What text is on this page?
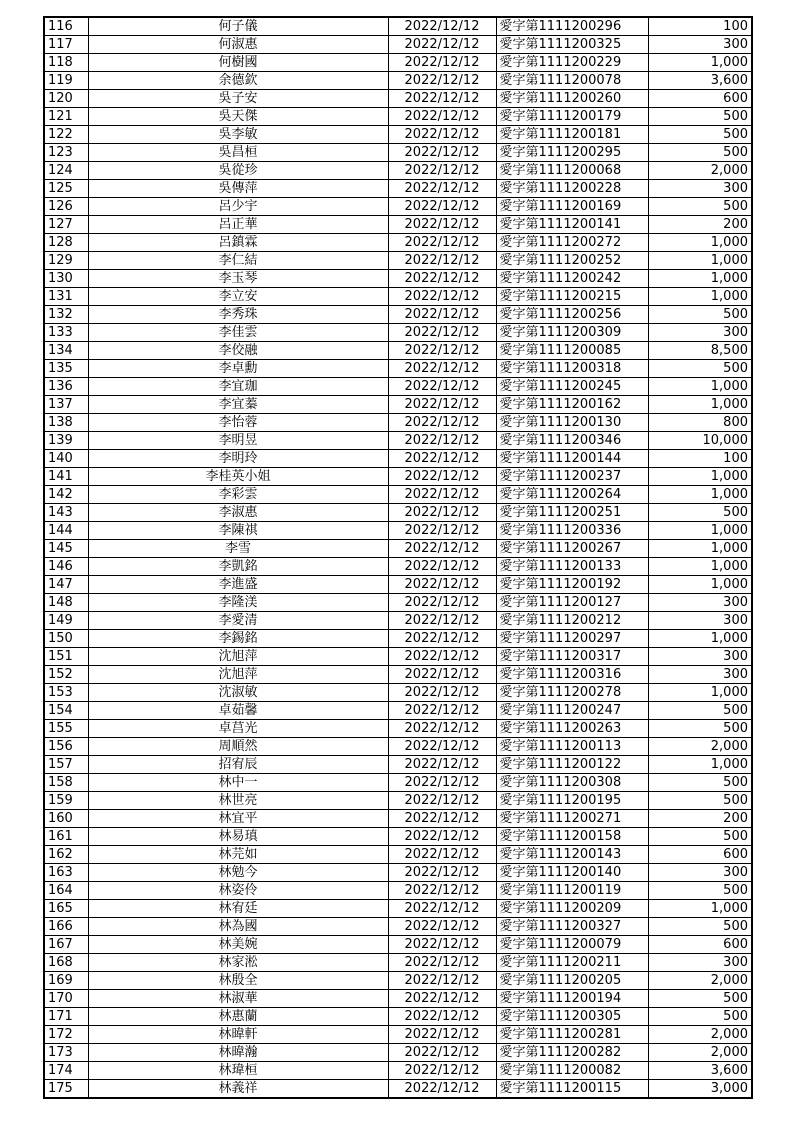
116	何子儀	2022/12/12	愛字第1111200296	100
117	何淑惠	2022/12/12	愛字第1111200325	300
118	何樹國	2022/12/12	愛字第1111200229	1,000
119	余德欽	2022/12/12	愛字第1111200078	3,600
120	吳子安	2022/12/12	愛字第1111200260	600
121	吳天傑	2022/12/12	愛字第1111200179	500
122	吳李敏	2022/12/12	愛字第1111200181	500
123	吳昌桓	2022/12/12	愛字第1111200295	500
124	吳從珍	2022/12/12	愛字第1111200068	2,000
125	吳傳萍	2022/12/12	愛字第1111200228	300
126	呂少宇	2022/12/12	愛字第1111200169	500
127	呂正華	2022/12/12	愛字第1111200141	200
128	呂鎮霖	2022/12/12	愛字第1111200272	1,000
129	李仁結	2022/12/12	愛字第1111200252	1,000
130	李玉琴	2022/12/12	愛字第1111200242	1,000
131	李立安	2022/12/12	愛字第1111200215	1,000
132	李秀珠	2022/12/12	愛字第1111200256	500
133	李佳雲	2022/12/12	愛字第1111200309	300
134	李佼融	2022/12/12	愛字第1111200085	8,500
135	李卓勳	2022/12/12	愛字第1111200318	500
136	李宜珈	2022/12/12	愛字第1111200245	1,000
137	李宜蓁	2022/12/12	愛字第1111200162	1,000
138	李怡蓉	2022/12/12	愛字第1111200130	800
139	李明昱	2022/12/12	愛字第1111200346	10,000
140	李明玲	2022/12/12	愛字第1111200144	100
141	李桂英小姐	2022/12/12	愛字第1111200237	1,000
142	李彩雲	2022/12/12	愛字第1111200264	1,000
143	李淑惠	2022/12/12	愛字第1111200251	500
144	李陳祺	2022/12/12	愛字第1111200336	1,000
145	李雪	2022/12/12	愛字第1111200267	1,000
146	李凱銘	2022/12/12	愛字第1111200133	1,000
147	李進盛	2022/12/12	愛字第1111200192	1,000
148	李隆渼	2022/12/12	愛字第1111200127	300
149	李愛清	2022/12/12	愛字第1111200212	300
150	李錫銘	2022/12/12	愛字第1111200297	1,000
151	沈旭萍	2022/12/12	愛字第1111200317	300
152	沈旭萍	2022/12/12	愛字第1111200316	300
153	沈淑敏	2022/12/12	愛字第1111200278	1,000
154	卓茹馨	2022/12/12	愛字第1111200247	500
155	卓莒光	2022/12/12	愛字第1111200263	500
156	周順然	2022/12/12	愛字第1111200113	2,000
157	招宥辰	2022/12/12	愛字第1111200122	1,000
158	林中一	2022/12/12	愛字第1111200308	500
159	林世亮	2022/12/12	愛字第1111200195	500
160	林宜平	2022/12/12	愛字第1111200271	200
161	林易瑱	2022/12/12	愛字第1111200158	500
162	林芫如	2022/12/12	愛字第1111200143	600
163	林勉今	2022/12/12	愛字第1111200140	300
164	林姿伶	2022/12/12	愛字第1111200119	500
165	林宥廷	2022/12/12	愛字第1111200209	1,000
166	林為國	2022/12/12	愛字第1111200327	500
167	林美婉	2022/12/12	愛字第1111200079	600
168	林家淞	2022/12/12	愛字第1111200211	300
169	林殷全	2022/12/12	愛字第1111200205	2,000
170	林淑華	2022/12/12	愛字第1111200194	500
171	林惠蘭	2022/12/12	愛字第1111200305	500
172	林暐軒	2022/12/12	愛字第1111200281	2,000
173	林暐瀚	2022/12/12	愛字第1111200282	2,000
174	林瑋桓	2022/12/12	愛字第1111200082	3,600
175	林義祥	2022/12/12	愛字第1111200115	3,000
